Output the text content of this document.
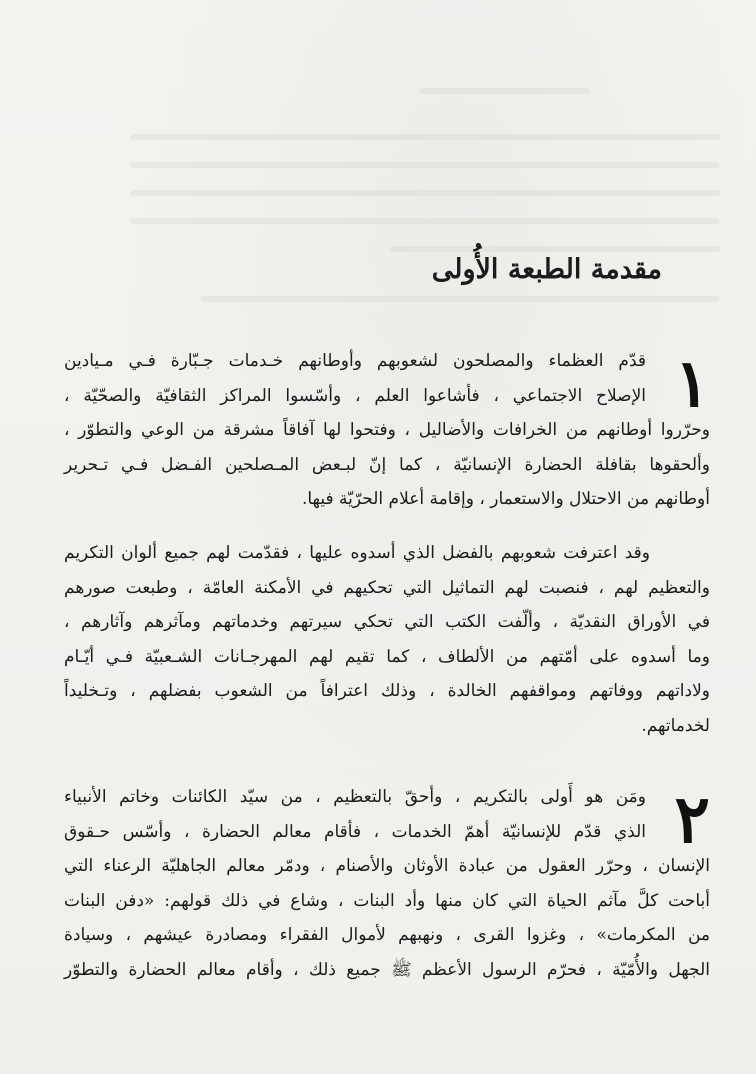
مقدمة الطبعة الأُولى
١
قدّم العظماء والمصلحون لشعوبهم وأوطانهم خـدمات جـبّارة فـي مـيادين
الإصلاح الاجتماعي ، فأشاعوا العلم ، وأسّسوا المراكز الثقافيّة والصحّيّة ،
وحرّروا أوطانهم من الخرافات والأضاليل ، وفتحوا لها آفاقاً مشرقة من الوعي والتطوّر ،
وألحقوها بقافلة الحضارة الإنسانيّة ، كما إنّ لبـعض المـصلحين الفـضل فـي تـحرير
أوطانهم من الاحتلال والاستعمار ، وإقامة أعلام الحرّيّة فيها.
وقد اعترفت شعوبهم بالفضل الذي أسدوه عليها ، فقدّمت لهم جميع ألوان التكريم
والتعظيم لهم ، فنصبت لهم التماثيل التي تحكيهم في الأمكنة العامّة ، وطبعت صورهم
في الأوراق النقديّة ، وألّفت الكتب التي تحكي سيرتهم وخدماتهم ومآثرهم وآثارهم ،
وما أسدوه على أمّتهم من الألطاف ، كما تقيم لهم المهرجـانات الشـعبيّة فـي أيّـام
ولاداتهم ووفاتهم ومواقفهم الخالدة ، وذلك اعترافاً من الشعوب بفضلهم ، وتـخليداً
لخدماتهم.
٢
ومَن هو أَولى بالتكريم ، وأحقّ بالتعظيم ، من سيّد الكائنات وخاتم الأنبياء
الذي قدّم للإنسانيّة أهمّ الخدمات ، فأقام معالم الحضارة ، وأسّس حـقوق
الإنسان ، وحرّر العقول من عبادة الأوثان والأصنام ، ودمّر معالم الجاهليّة الرعناء التي
أباحت كلَّ مآثم الحياة التي كان منها وأد البنات ، وشاع في ذلك قولهم: «دفن البنات
من المكرمات» ، وغزوا القرى ، ونهبهم لأموال الفقراء ومصادرة عيشهم ، وسيادة
الجهل والأُمّيّة ، فحرّم الرسول الأعظم ﷺ جميع ذلك ، وأقام معالم الحضارة والتطوّر
